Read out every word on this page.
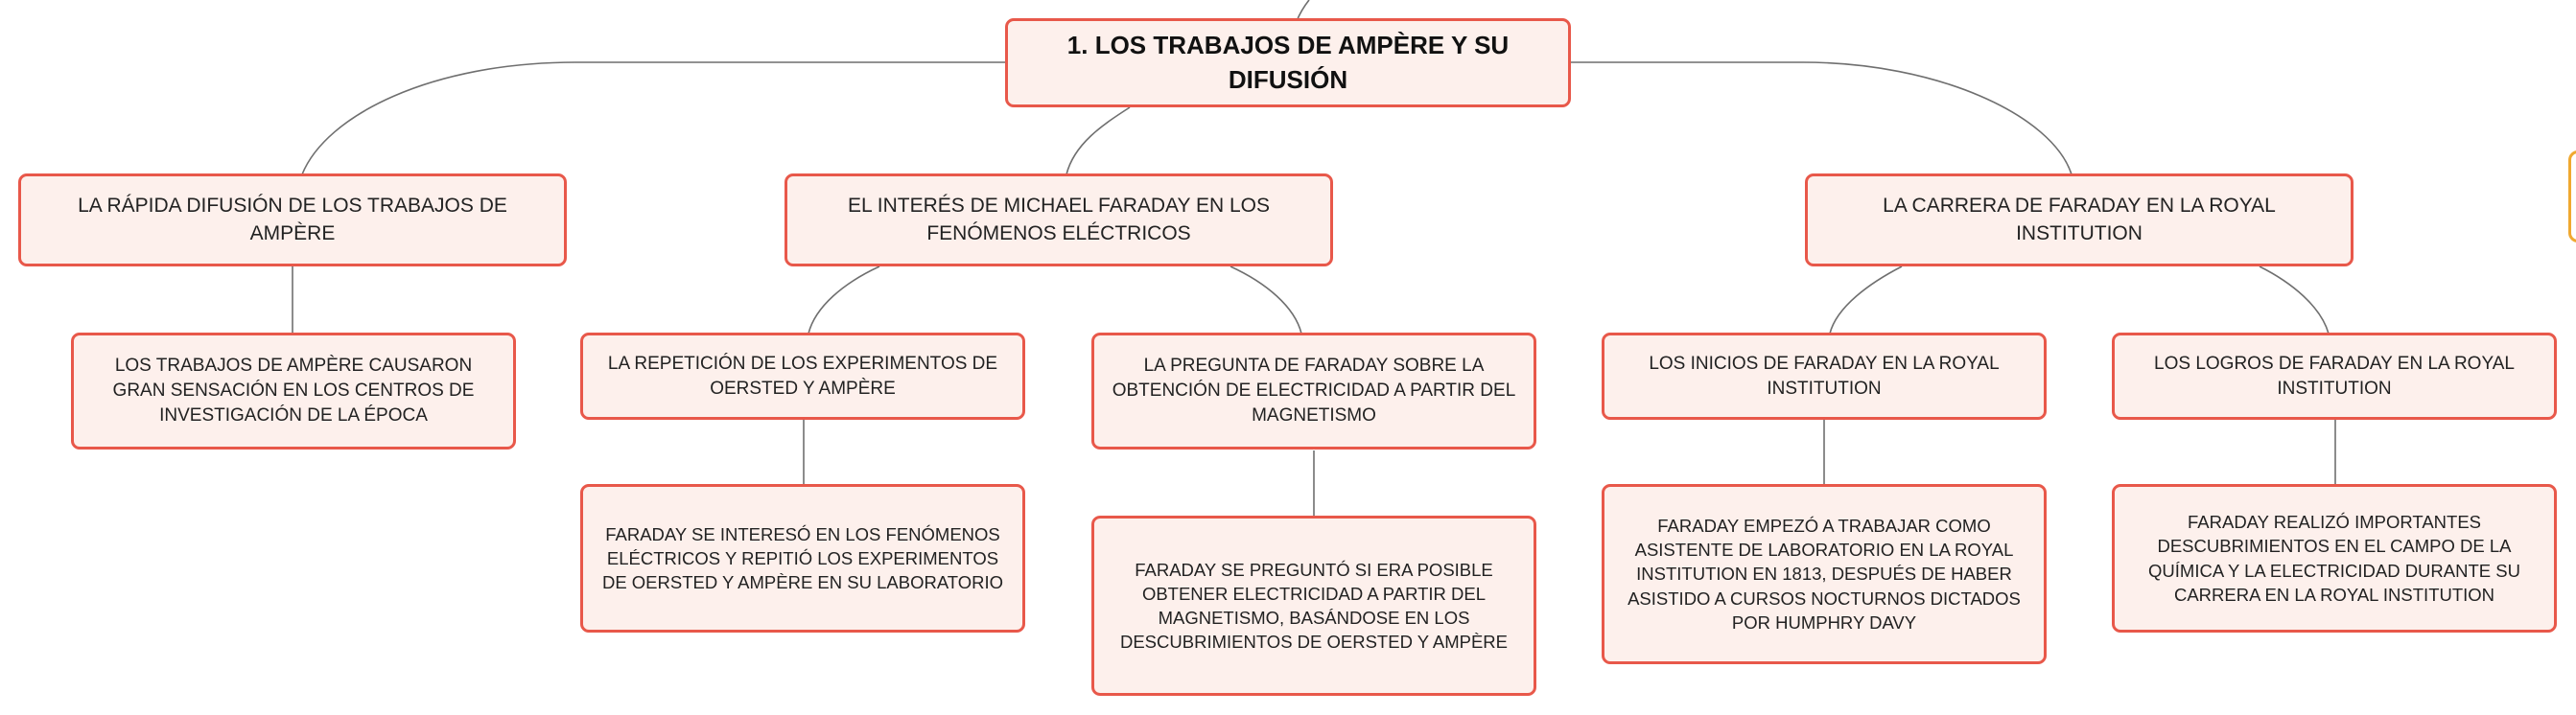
1. LOS TRABAJOS DE AMPÈRE Y SU DIFUSIÓN
LA RÁPIDA DIFUSIÓN DE LOS TRABAJOS DE AMPÈRE
EL INTERÉS DE MICHAEL FARADAY EN LOS FENÓMENOS ELÉCTRICOS
LA CARRERA DE FARADAY EN LA ROYAL INSTITUTION
LOS TRABAJOS DE AMPÈRE CAUSARON GRAN SENSACIÓN EN LOS CENTROS DE INVESTIGACIÓN DE LA ÉPOCA
LA REPETICIÓN DE LOS EXPERIMENTOS DE OERSTED Y AMPÈRE
LA PREGUNTA DE FARADAY SOBRE LA OBTENCIÓN DE ELECTRICIDAD A PARTIR DEL MAGNETISMO
LOS INICIOS DE FARADAY EN LA ROYAL INSTITUTION
LOS LOGROS DE FARADAY EN LA ROYAL INSTITUTION
FARADAY SE INTERESÓ EN LOS FENÓMENOS ELÉCTRICOS Y REPITIÓ LOS EXPERIMENTOS DE OERSTED Y AMPÈRE EN SU LABORATORIO
FARADAY SE PREGUNTÓ SI ERA POSIBLE OBTENER ELECTRICIDAD A PARTIR DEL MAGNETISMO, BASÁNDOSE EN LOS DESCUBRIMIENTOS DE OERSTED Y AMPÈRE
FARADAY EMPEZÓ A TRABAJAR COMO ASISTENTE DE LABORATORIO EN LA ROYAL INSTITUTION EN 1813, DESPUÉS DE HABER ASISTIDO A CURSOS NOCTURNOS DICTADOS POR HUMPHRY DAVY
FARADAY REALIZÓ IMPORTANTES DESCUBRIMIENTOS EN EL CAMPO DE LA QUÍMICA Y LA ELECTRICIDAD DURANTE SU CARRERA EN LA ROYAL INSTITUTION
